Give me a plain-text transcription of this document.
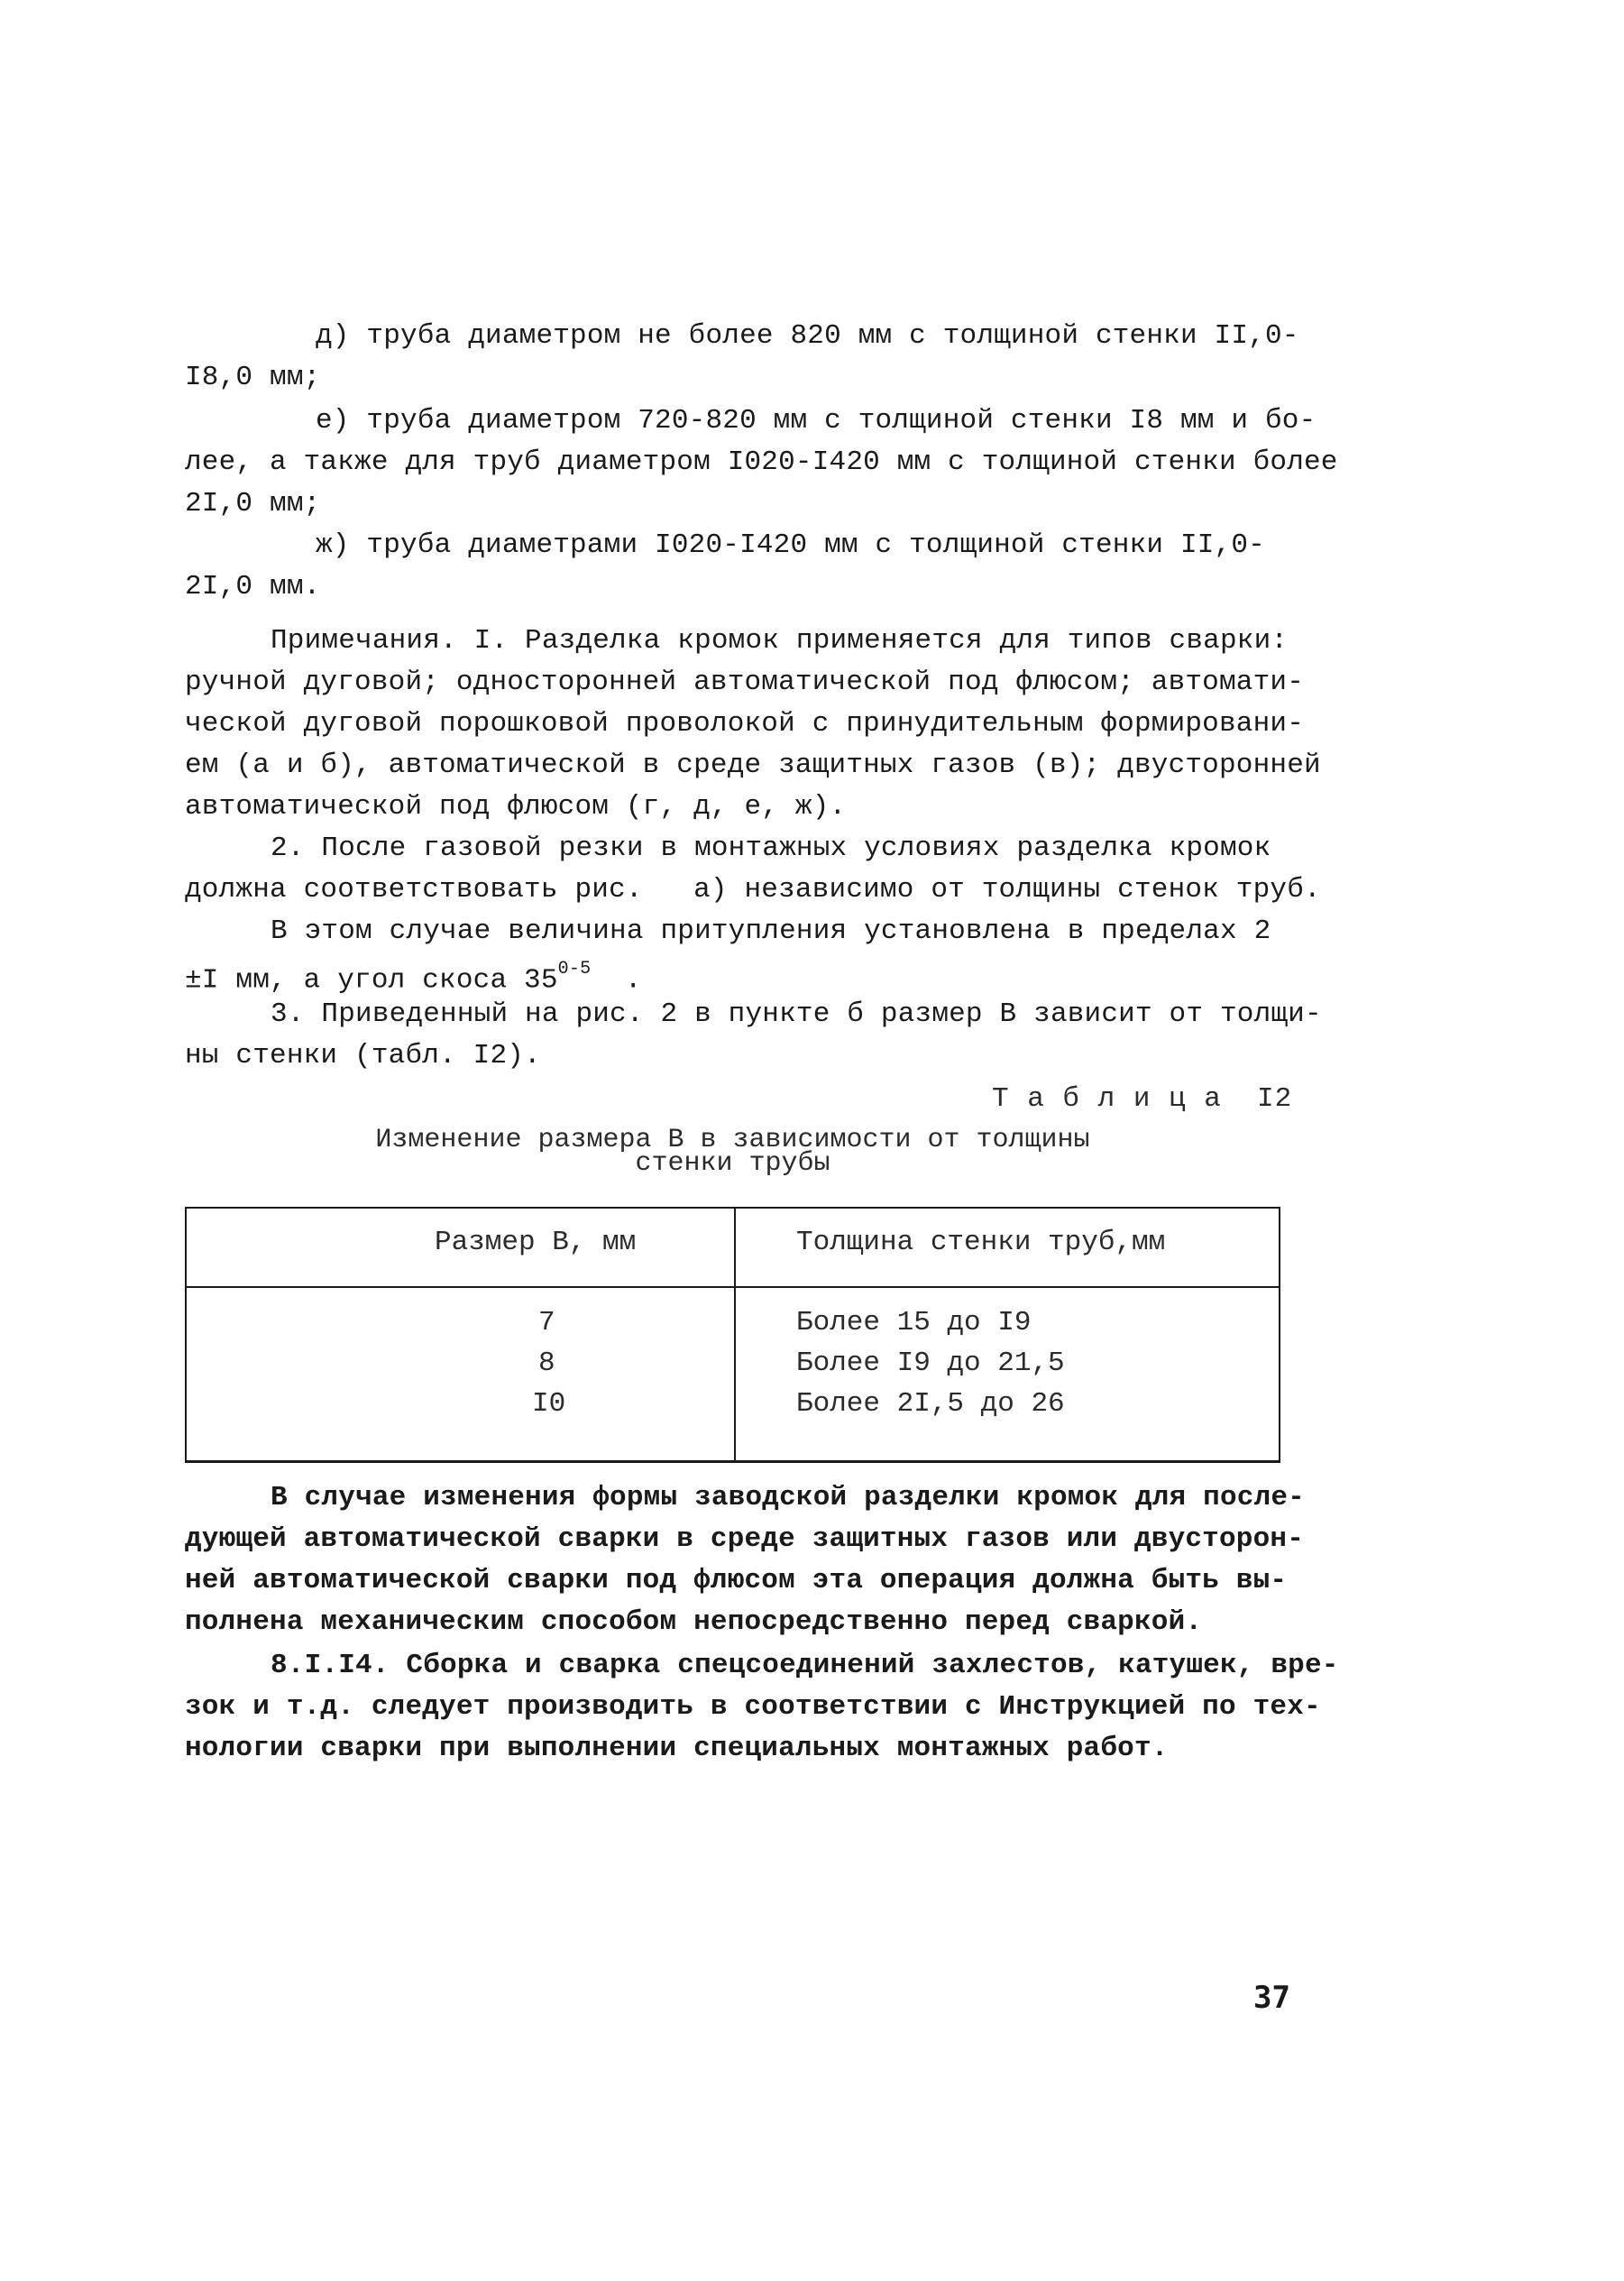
д) труба диаметром не более 820 мм с толщиной стенки II,0-
I8,0 мм;
е) труба диаметром 720-820 мм с толщиной стенки I8 мм и бо-
лее, а также для труб диаметром I020-I420 мм с толщиной стенки более
2I,0 мм;
ж) труба диаметрами I020-I420 мм с толщиной стенки II,0-
2I,0 мм.
Примечания. I. Разделка кромок применяется для типов сварки:
ручной дуговой; односторонней автоматической под флюсом; автомати-
ческой дуговой порошковой проволокой с принудительным формировани-
ем (а и б), автоматической в среде защитных газов (в); двусторонней
автоматической под флюсом (г, д, е, ж).
2. После газовой резки в монтажных условиях разделка кромок
должна соответствовать рис.   а) независимо от толщины стенок труб.
В этом случае величина притупления установлена в пределах 2
±I мм, а угол скоса 35$^{0-5}$  .
3. Приведенный на рис. 2 в пункте б размер В зависит от толщи-
ны стенки (табл. I2).
Т а б л и ц а  I2
Изменение размера В в зависимости от толщины
стенки трубы
Размер В, мм	Толщина стенки труб,мм
7	Более 15 до I9
8	Более I9 до 21,5
I0	Более 2I,5 до 26
В случае изменения формы заводской разделки кромок для после-
дующей автоматической сварки в среде защитных газов или двусторон-
ней автоматической сварки под флюсом эта операция должна быть вы-
полнена механическим способом непосредственно перед сваркой.
8.I.I4. Сборка и сварка спецсоединений захлестов, катушек, вре-
зок и т.д. следует производить в соответствии с Инструкцией по тех-
нологии сварки при выполнении специальных монтажных работ.
37
